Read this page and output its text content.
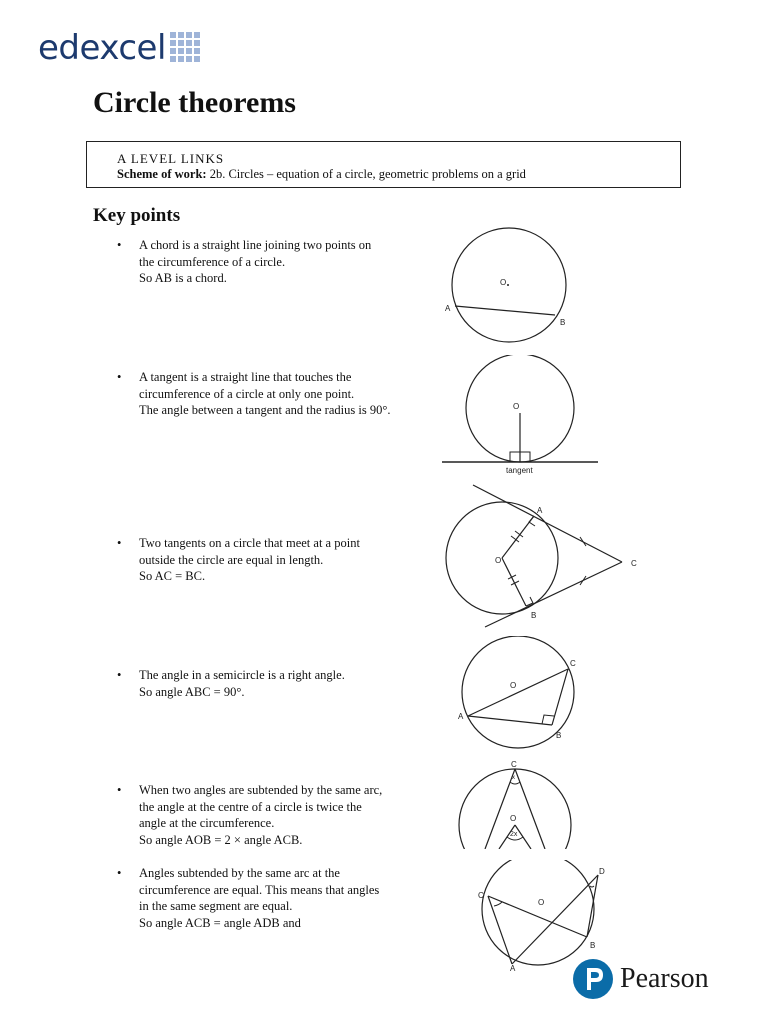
edexcel
Circle theorems
A LEVEL LINKS
Scheme of work: 2b. Circles – equation of a circle, geometric problems on a grid
Key points
• A chord is a straight line joining two points on
the circumference of a circle.
So AB is a chord.
• A tangent is a straight line that touches the
circumference of a circle at only one point.
The angle between a tangent and the radius is 90°.
• Two tangents on a circle that meet at a point
outside the circle are equal in length.
So AC = BC.
• The angle in a semicircle is a right angle.
So angle ABC = 90°.
• When two angles are subtended by the same arc,
the angle at the centre of a circle is twice the
angle at the circumference.
So angle AOB = 2 × angle ACB.
• Angles subtended by the same arc at the
circumference are equal. This means that angles
in the same segment are equal.
So angle ACB = angle ADB and
O
A
B
O
tangent
O
A
B
C
O
A
B
C
C
x
O
2x
O
C
D
A
B
Pearson
